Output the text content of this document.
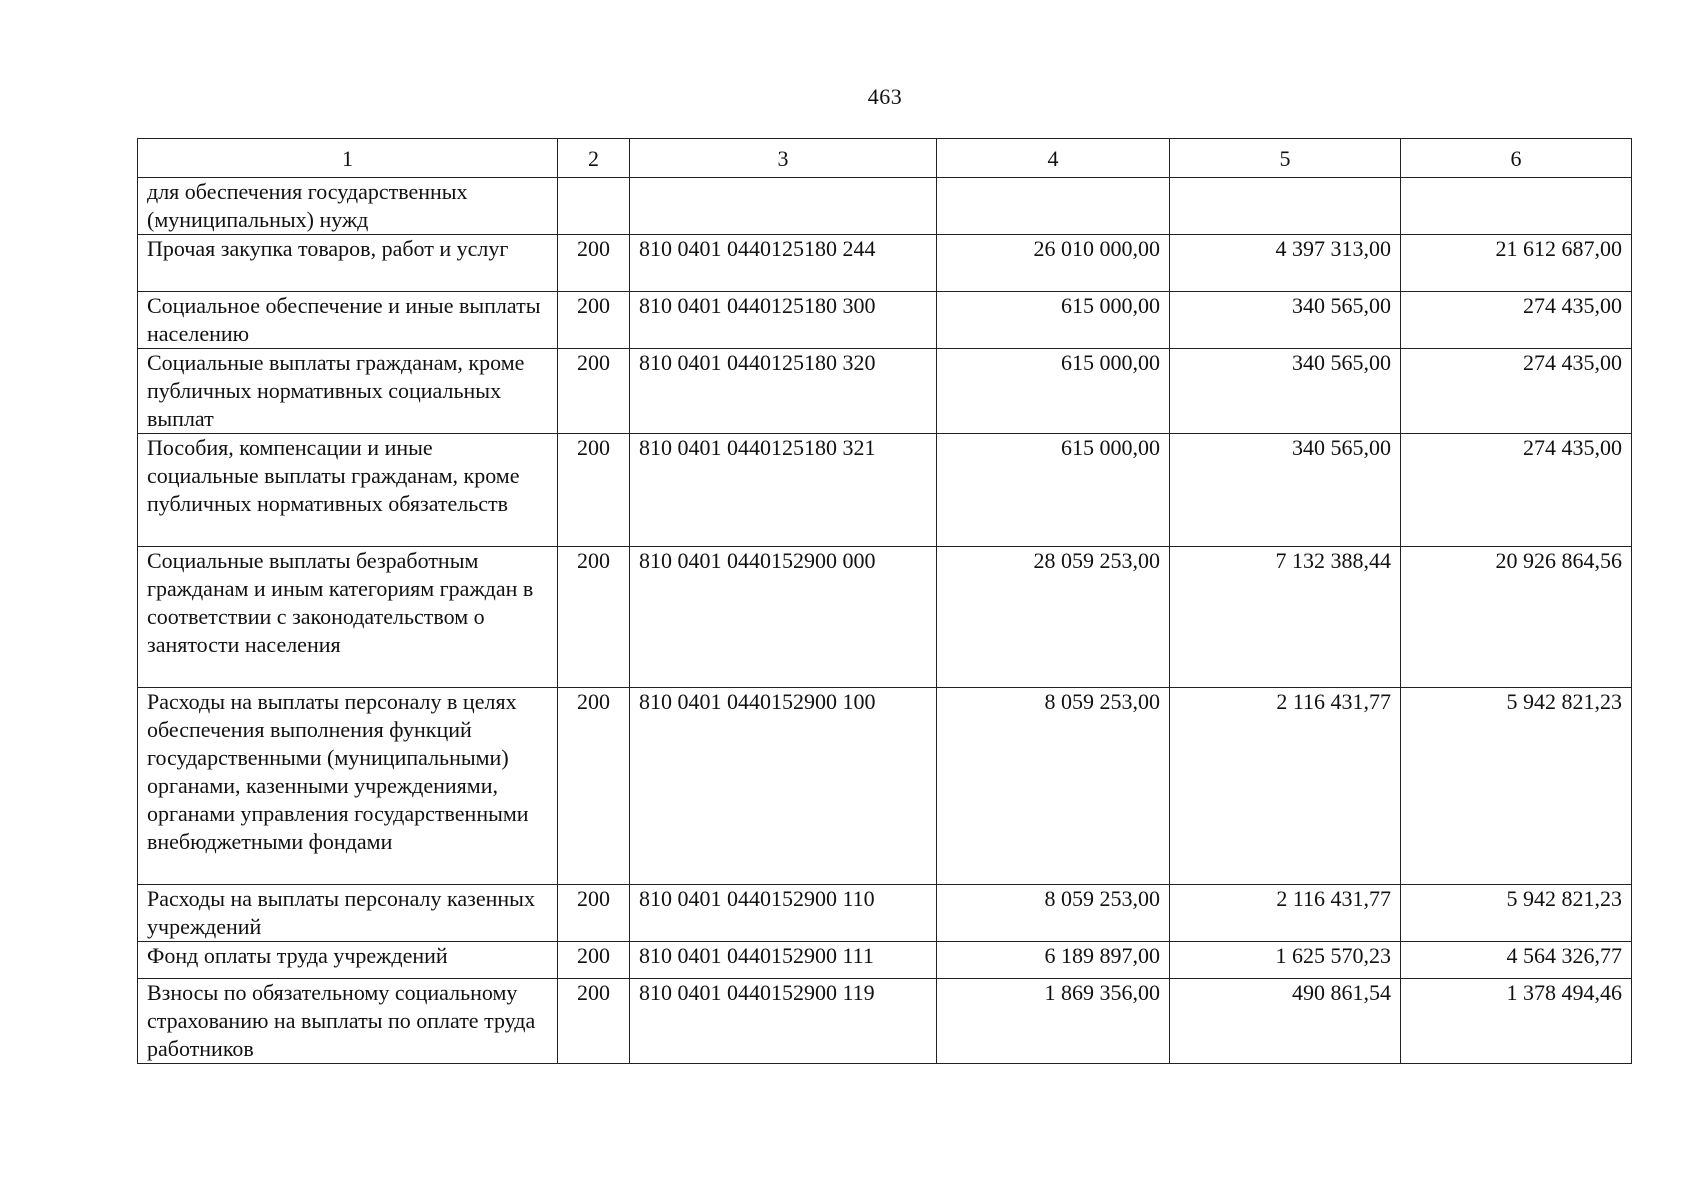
463
1	2	3	4	5	6
для обеспечения государственных (муниципальных) нужд					
Прочая закупка товаров, работ и услуг	200	810 0401 0440125180 244	26 010 000,00	4 397 313,00	21 612 687,00
Социальное обеспечение и иные выплаты населению	200	810 0401 0440125180 300	615 000,00	340 565,00	274 435,00
Социальные выплаты гражданам, кроме публичных нормативных социальных выплат	200	810 0401 0440125180 320	615 000,00	340 565,00	274 435,00
Пособия, компенсации и иные социальные выплаты гражданам, кроме публичных нормативных обязательств	200	810 0401 0440125180 321	615 000,00	340 565,00	274 435,00
Социальные выплаты безработным гражданам и иным категориям граждан в соответствии с законодательством о занятости населения	200	810 0401 0440152900 000	28 059 253,00	7 132 388,44	20 926 864,56
Расходы на выплаты персоналу в целях обеспечения выполнения функций государственными (муниципальными) органами, казенными учреждениями, органами управления государственными внебюджетными фондами	200	810 0401 0440152900 100	8 059 253,00	2 116 431,77	5 942 821,23
Расходы на выплаты персоналу казенных учреждений	200	810 0401 0440152900 110	8 059 253,00	2 116 431,77	5 942 821,23
Фонд оплаты труда учреждений	200	810 0401 0440152900 111	6 189 897,00	1 625 570,23	4 564 326,77
Взносы по обязательному социальному страхованию на выплаты по оплате труда работников	200	810 0401 0440152900 119	1 869 356,00	490 861,54	1 378 494,46
